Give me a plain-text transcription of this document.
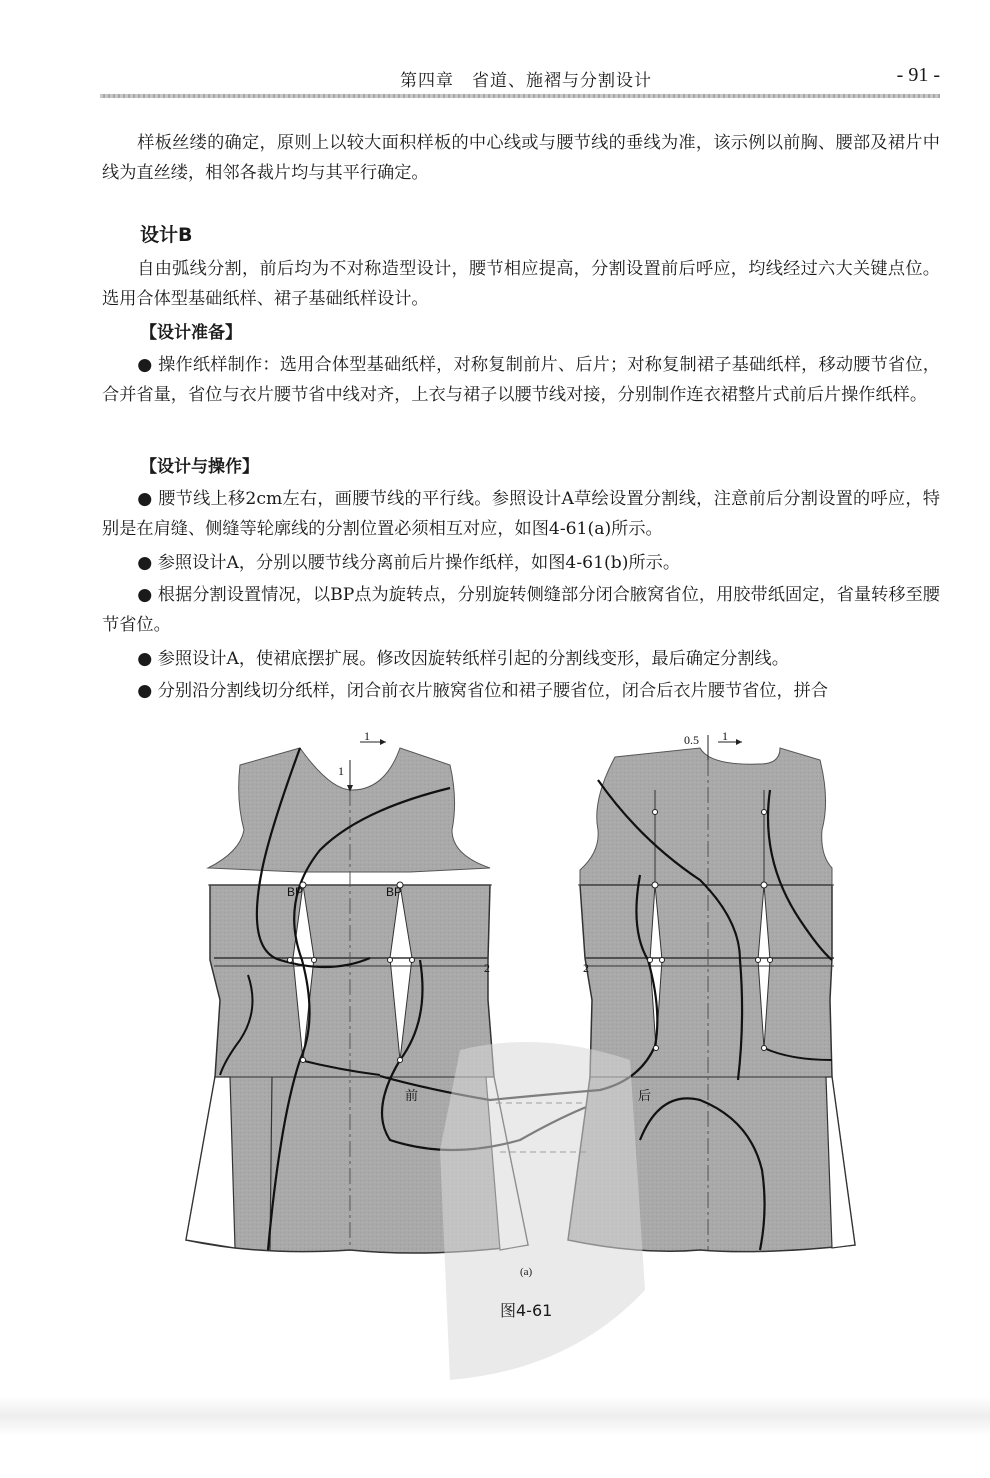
第四章　省道、施褶与分割设计	- 91 -

样板丝缕的确定，原则上以较大面积样板的中心线或与腰节线的垂线为准，该示例以前胸、腰部及裙片中线为直丝缕，相邻各裁片均与其平行确定。

设计B

自由弧线分割，前后均为不对称造型设计，腰节相应提高，分割设置前后呼应，均线经过六大关键点位。选用合体型基础纸样、裙子基础纸样设计。

【设计准备】

● 操作纸样制作：选用合体型基础纸样，对称复制前片、后片；对称复制裙子基础纸样，移动腰节省位，合并省量，省位与衣片腰节省中线对齐，上衣与裙子以腰节线对接，分别制作连衣裙整片式前后片操作纸样。

【设计与操作】

● 腰节线上移2cm左右，画腰节线的平行线。参照设计A草绘设置分割线，注意前后分割设置的呼应，特别是在肩缝、侧缝等轮廓线的分割位置必须相互对应，如图4-61(a)所示。

● 参照设计A，分别以腰节线分离前后片操作纸样，如图4-61(b)所示。

● 根据分割设置情况，以BP点为旋转点，分别旋转侧缝部分闭合腋窝省位，用胶带纸固定，省量转移至腰节省位。

● 参照设计A，使裙底摆扩展。修改因旋转纸样引起的分割线变形，最后确定分割线。

● 分别沿分割线切分纸样，闭合前衣片腋窝省位和裙子腰省位，闭合后衣片腰节省位，拼合

1
1
BP	BP
2
前
0.5 1
2
后
PDG
(a)
图4-61
